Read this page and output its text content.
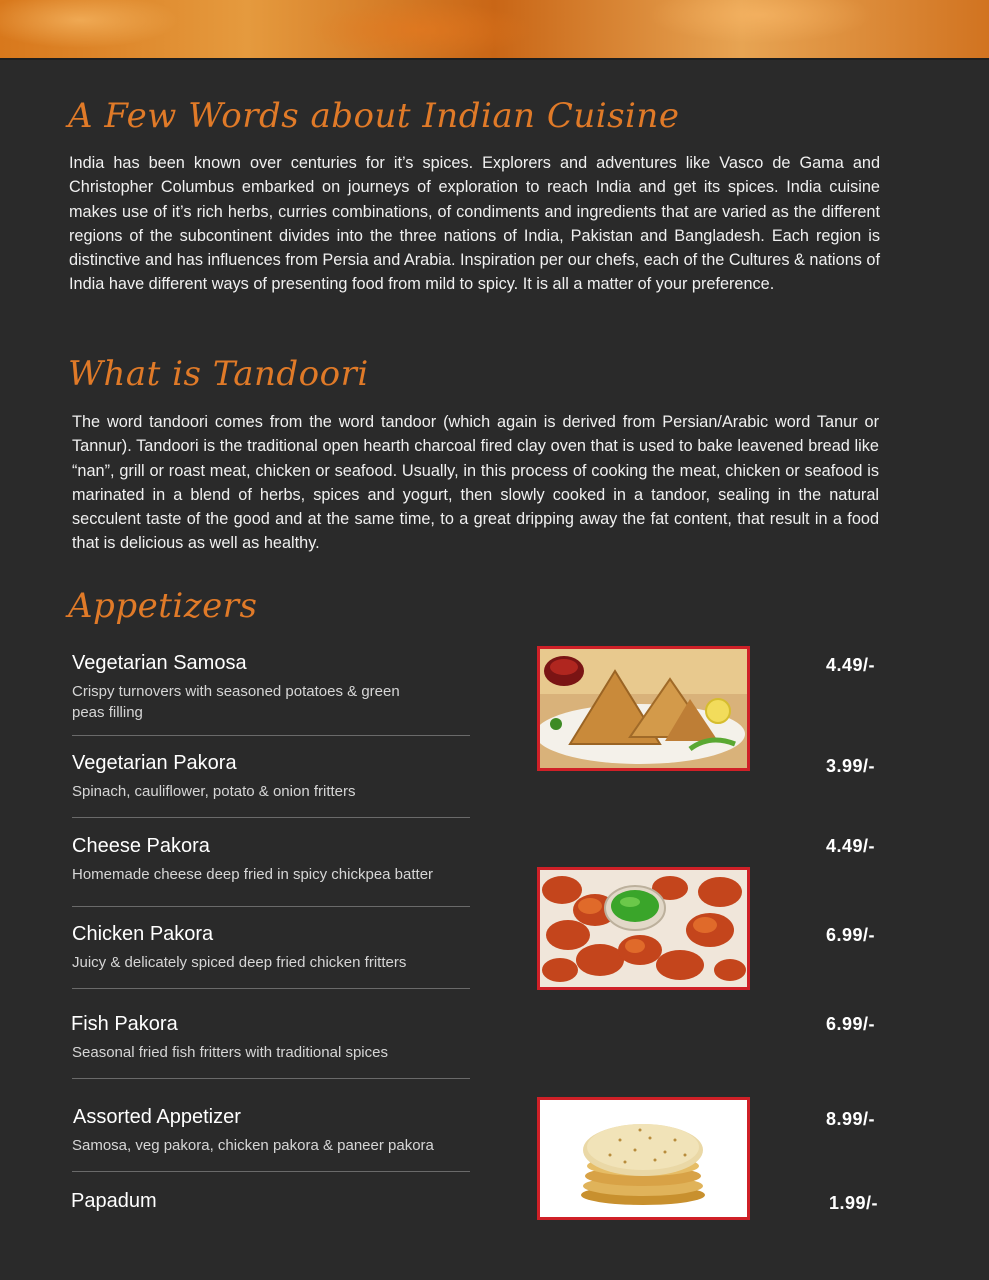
A Few Words about Indian Cuisine

India has been known over centuries for it’s spices. Explorers and adventures like Vasco de Gama and Christopher Columbus embarked on journeys of exploration to reach India and get its spices. India cuisine makes use of it’s rich herbs, curries combinations, of condiments and ingredients that are varied as the different regions of the subcontinent divides into the three nations of India, Pakistan and Bangladesh. Each region is distinctive and has influences from Persia and Arabia. Inspiration per our chefs, each of the Cultures & nations of India have different ways of presenting food from mild to spicy. It is all a matter of your preference.

What is Tandoori

The word tandoori comes from the word tandoor (which again is derived from Persian/Arabic word Tanur or Tannur). Tandoori is the traditional open hearth charcoal fired clay oven that is used to bake leavened bread like “nan”, grill or roast meat, chicken or seafood. Usually, in this process of cooking the meat, chicken or seafood is marinated in a blend of herbs, spices and yogurt, then slowly cooked in a tandoor, sealing in the natural secculent taste of the good and at the same time, to a great dripping away the fat content, that result in a food that is delicious as well as healthy.

Appetizers
Vegetarian Samosa

Crispy turnovers with seasoned potatoes & green peas filling

4.49/-

Vegetarian Pakora

Spinach, cauliflower, potato & onion fritters

3.99/-

Cheese Pakora

Homemade cheese deep fried in spicy chickpea batter

4.49/-

Chicken Pakora

Juicy & delicately spiced deep fried chicken fritters

6.99/-

Fish Pakora

Seasonal fried fish fritters with traditional spices

6.99/-

Assorted Appetizer

Samosa, veg pakora, chicken pakora & paneer pakora

8.99/-

Papadum	1.99/-
